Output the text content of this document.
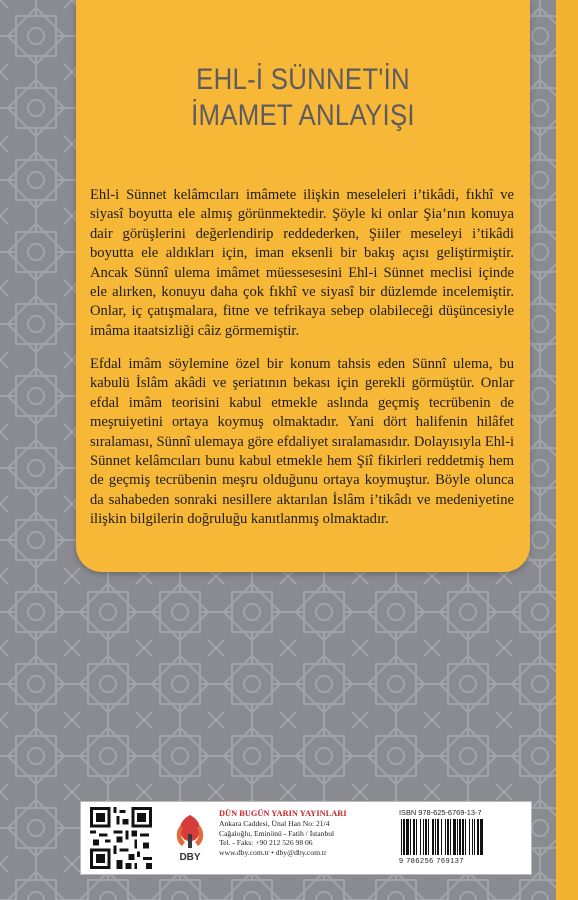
EHL-İ SÜNNET'İN
İMAMET ANLAYIŞI

Ehl-i Sünnet kelâmcıları imâmete ilişkin meseleleri i’tikâdi, fıkhî ve siyasî boyutta ele almış görünmektedir. Şöyle ki onlar Şia’nın konuya dair görüşlerini değerlendirip reddederken, Şiiler meseleyi i’tikâdi boyutta ele aldıkları için, iman eksenli bir bakış açısı geliştirmiştir. Ancak Sünnî ulema imâmet müessesesini Ehl-i Sünnet meclisi içinde ele alırken, konuyu daha çok fıkhî ve siyasî bir düzlemde incelemiştir. Onlar, iç çatışmalara, fitne ve tefrikaya sebep olabileceği düşüncesiyle imâma itaatsizliği câiz görmemiştir.

Efdal imâm söylemine özel bir konum tahsis eden Sünnî ulema, bu kabulü İslâm akâdi ve şeriatının bekası için gerekli görmüştür. Onlar efdal imâm teorisini kabul etmekle aslında geçmiş tecrübenin de meşruiyetini ortaya koymuş olmaktadır. Yani dört halifenin hilâfet sıralaması, Sünnî ulemaya göre efdaliyet sıralamasıdır. Dolayısıyla Ehl-i Sünnet kelâmcıları bunu kabul etmekle hem Şiî fikirleri reddetmiş hem de geçmiş tecrübenin meşru olduğunu ortaya koymuştur. Böyle olunca da sahabeden sonraki nesillere aktarılan İslâm i’tikâdı ve medeniyetine ilişkin bilgilerin doğruluğu kanıtlanmış olmaktadır.

DBY
DÜN BUGÜN YARIN YAYINLARI
Ankara Caddesi, Ünal Han No: 21/4
Cağaloğlu, Eminönü - Fatih / İstanbul
Tel. - Faks: +90 212 526 98 06
www.dby.com.tr • dby@dby.com.tr
ISBN 978-625-6769-13-7
9 786256 769137
